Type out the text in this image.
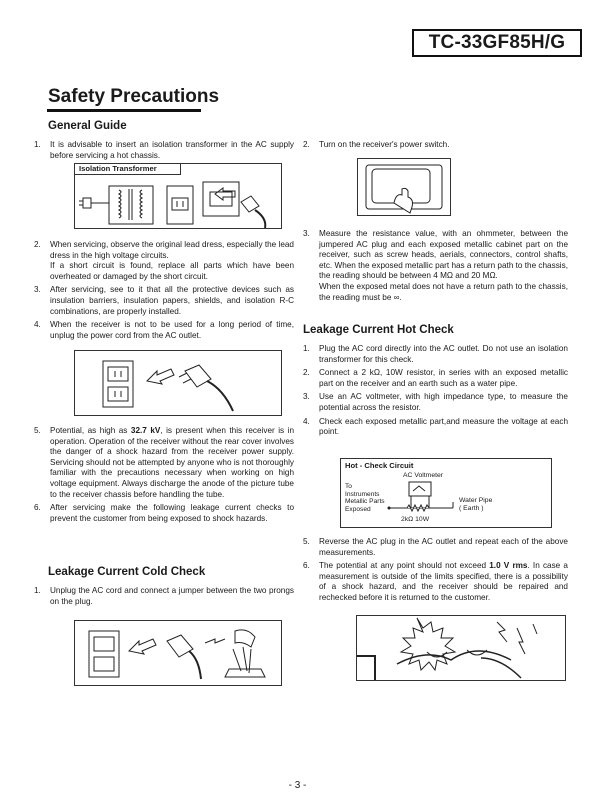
TC-33GF85H/G
Safety Precautions
General Guide
1. It is advisable to insert an isolation transformer in the AC supply before servicing a hot chassis.
Isolation Transformer
2. When servicing, observe the original lead dress, especially the lead dress in the high voltage circuits.
If a short circuit is found, replace all parts which have been overheated or damaged by the short circuit.
3. After servicing, see to it that all the protective devices such as insulation barriers, insulation papers, shields, and isolation R-C combinations, are properly installed.
4. When the receiver is not to be used for a long period of time, unplug the power cord from the AC outlet.
5. Potential, as high as 32.7 kV, is present when this receiver is in operation. Operation of the receiver without the rear cover involves the danger of a shock hazard from the receiver power supply. Servicing should not be attempted by anyone who is not thoroughly familiar with the precautions necessary when working on high voltage equipment. Always discharge the anode of the picture tube to the receiver chassis before handling the tube.
6. After servicing make the following leakage current checks to prevent the customer from being exposed to shock hazards.
Leakage Current Cold Check
1. Unplug the AC cord and connect a jumper between the two prongs on the plug.
2. Turn on the receiver's power switch.
3. Measure the resistance value, with an ohmmeter, between the jumpered AC plug and each exposed metallic cabinet part on the receiver, such as screw heads, aerials, connectors, control shafts, etc. When the exposed metallic part has a return path to the chassis, the reading should be between 4 MΩ and 20 MΩ.
When the exposed metal does not have a return path to the chassis, the reading must be ∞.
Leakage Current Hot Check
1. Plug the AC cord directly into the AC outlet. Do not use an isolation transformer for this check.
2. Connect a 2 kΩ, 10W resistor, in series with an exposed metallic part on the receiver and an earth such as a water pipe.
3. Use an AC voltmeter, with high impedance type, to measure the potential across the resistor.
4. Check each exposed metallic part,and measure the voltage at each point.
Hot - Check Circuit
AC Voltmeter
To
Instruments
Metallic Parts
Exposed
2kΩ 10W
Water Pipe
( Earth )
5. Reverse the AC plug in the AC outlet and repeat each of the above measurements.
6. The potential at any point should not exceed 1.0 V rms. In case a measurement is outside of the limits specified, there is a possibility of a shock hazard, and the receiver should be repaired and rechecked before it is returned to the customer.
- 3 -
